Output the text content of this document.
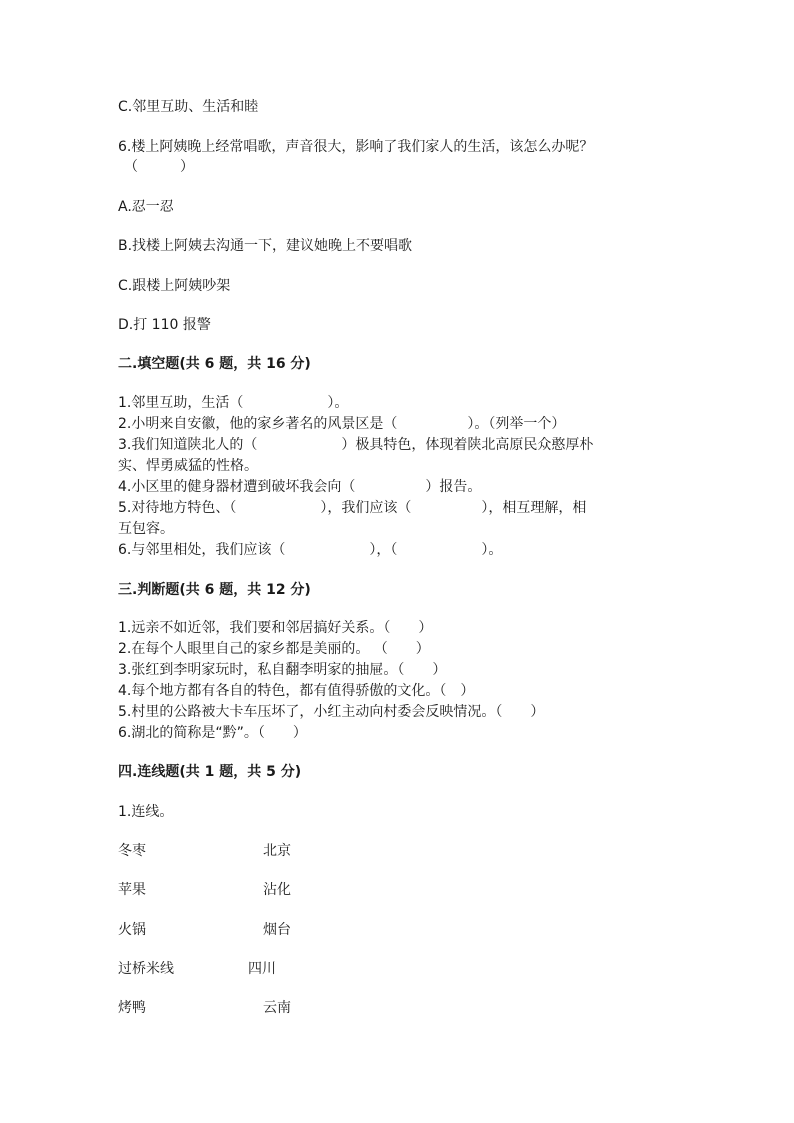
C.邻里互助、生活和睦
6.楼上阿姨晚上经常唱歌，声音很大，影响了我们家人的生活，该怎么办呢？
（　　　）
A.忍一忍
B.找楼上阿姨去沟通一下，建议她晚上不要唱歌
C.跟楼上阿姨吵架
D.打 110 报警
二.填空题(共 6 题，共 16 分)
1.邻里互助，生活（　　　　　　）。
2.小明来自安徽，他的家乡著名的风景区是（　　　　　）。（列举一个）
3.我们知道陕北人的（　　　　　　）极具特色，体现着陕北高原民众憨厚朴
实、悍勇威猛的性格。
4.小区里的健身器材遭到破坏我会向（　　　　　）报告。
5.对待地方特色、（　　　　　　），我们应该（　　　　　），相互理解，相
互包容。
6.与邻里相处，我们应该（　　　　　　），（　　　　　　）。
三.判断题(共 6 题，共 12 分)
1.远亲不如近邻，我们要和邻居搞好关系。（　　）
2.在每个人眼里自己的家乡都是美丽的。 （　　）
3.张红到李明家玩时，私自翻李明家的抽屉。（　　）
4.每个地方都有各自的特色，都有值得骄傲的文化。（　）
5.村里的公路被大卡车压坏了，小红主动向村委会反映情况。（　　）
6.湖北的简称是“黔”。（　　）
四.连线题(共 1 题，共 5 分)
1.连线。
冬枣	北京
苹果	沾化
火锅	烟台
过桥米线	四川
烤鸭	云南
